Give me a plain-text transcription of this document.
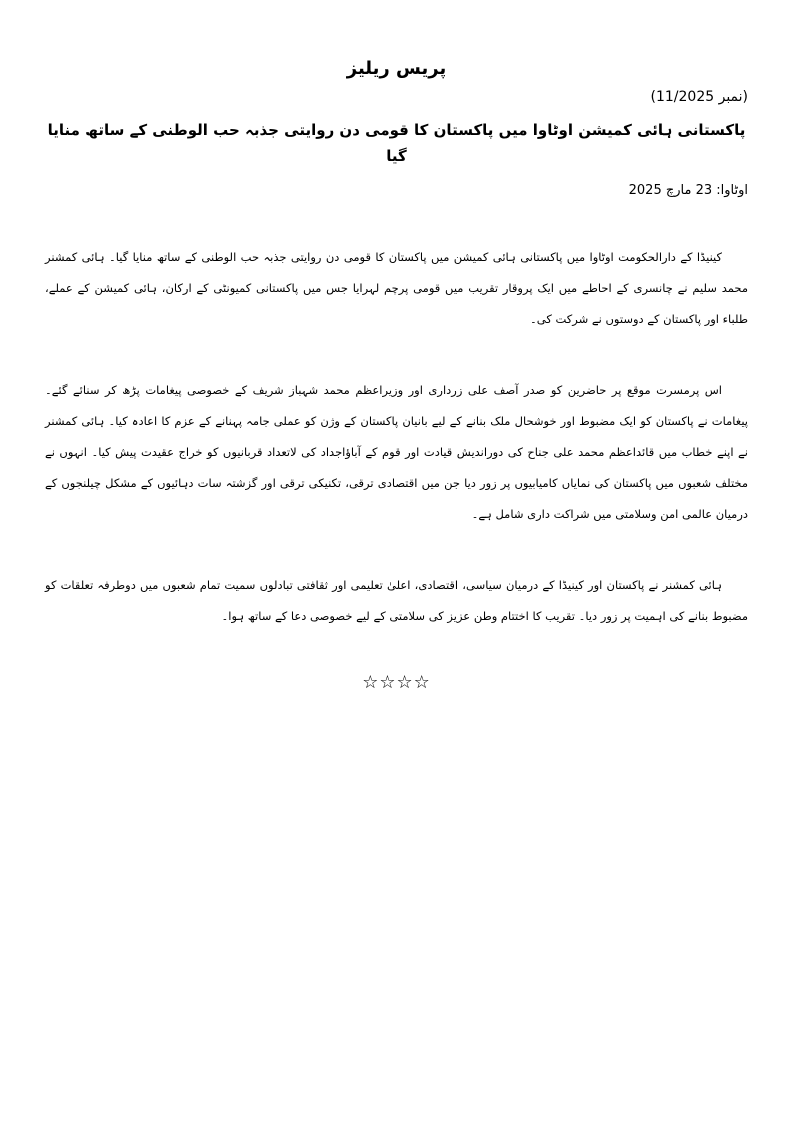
پریس ریلیز
(نمبر 11/2025)
پاکستانی ہائی کمیشن اوٹاوا میں پاکستان کا قومی دن روایتی جذبہ حب الوطنی کے ساتھ منایا گیا
اوٹاوا: 23 مارچ 2025

کینیڈا کے دارالحکومت اوٹاوا میں پاکستانی ہائی کمیشن میں پاکستان کا قومی دن روایتی جذبہ حب الوطنی کے ساتھ منایا گیا۔ ہائی کمشنر محمد سلیم نے چانسری کے احاطے میں ایک پروقار تقریب میں قومی پرچم لہرایا جس میں پاکستانی کمیونٹی کے ارکان، ہائی کمیشن کے عملے، طلباء اور پاکستان کے دوستوں نے شرکت کی۔

اس پرمسرت موقع پر حاضرین کو صدر آصف علی زرداری اور وزیراعظم محمد شہباز شریف کے خصوصی پیغامات پڑھ کر سنائے گئے۔ پیغامات نے پاکستان کو ایک مضبوط اور خوشحال ملک بنانے کے لیے بانیان پاکستان کے وژن کو عملی جامہ پہنانے کے عزم کا اعادہ کیا۔ ہائی کمشنر نے اپنے خطاب میں قائداعظم محمد علی جناح کی دوراندیش قیادت اور قوم کے آباؤاجداد کی لاتعداد قربانیوں کو خراج عقیدت پیش کیا۔ انہوں نے مختلف شعبوں میں پاکستان کی نمایاں کامیابیوں پر زور دیا جن میں اقتصادی ترقی، تکنیکی ترقی اور گزشتہ سات دہائیوں کے مشکل چیلنجوں کے درمیان عالمی امن وسلامتی میں شراکت داری شامل ہے۔

ہائی کمشنر نے پاکستان اور کینیڈا کے درمیان سیاسی، اقتصادی، اعلیٰ تعلیمی اور ثقافتی تبادلوں سمیت تمام شعبوں میں دوطرفہ تعلقات کو مضبوط بنانے کی اہمیت پر زور دیا۔ تقریب کا اختتام وطن عزیز کی سلامتی کے لیے خصوصی دعا کے ساتھ ہوا۔

☆☆☆☆
